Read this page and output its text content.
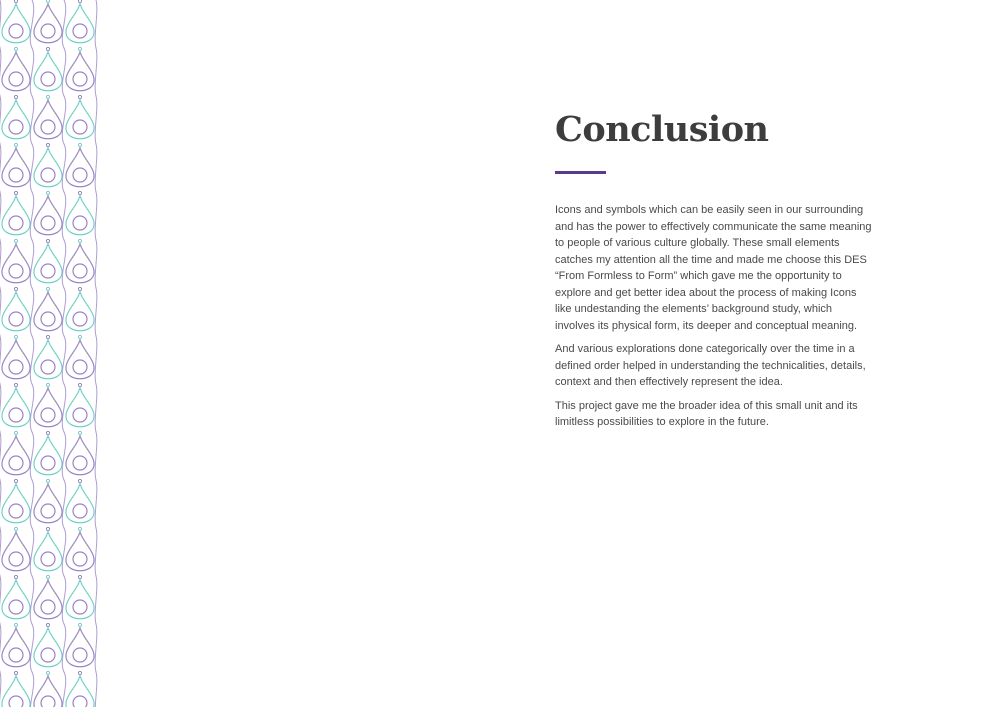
Conclusion

Icons and symbols which can be easily seen in our surrounding and has the power to effectively communicate the same meaning to people of various culture globally. These small elements catches my attention all the time and made me choose this DES “From Formless to Form” which gave me the opportunity to explore and get better idea about the process of making Icons like undestanding the elements’ background study, which involves its physical form, its deeper and conceptual meaning.

And various explorations done categorically over the time in a defined order helped in understanding the technicalities, details, context and then effectively represent the idea.

This project gave me the broader idea of this small unit and its limitless possibilities to explore in the future.
